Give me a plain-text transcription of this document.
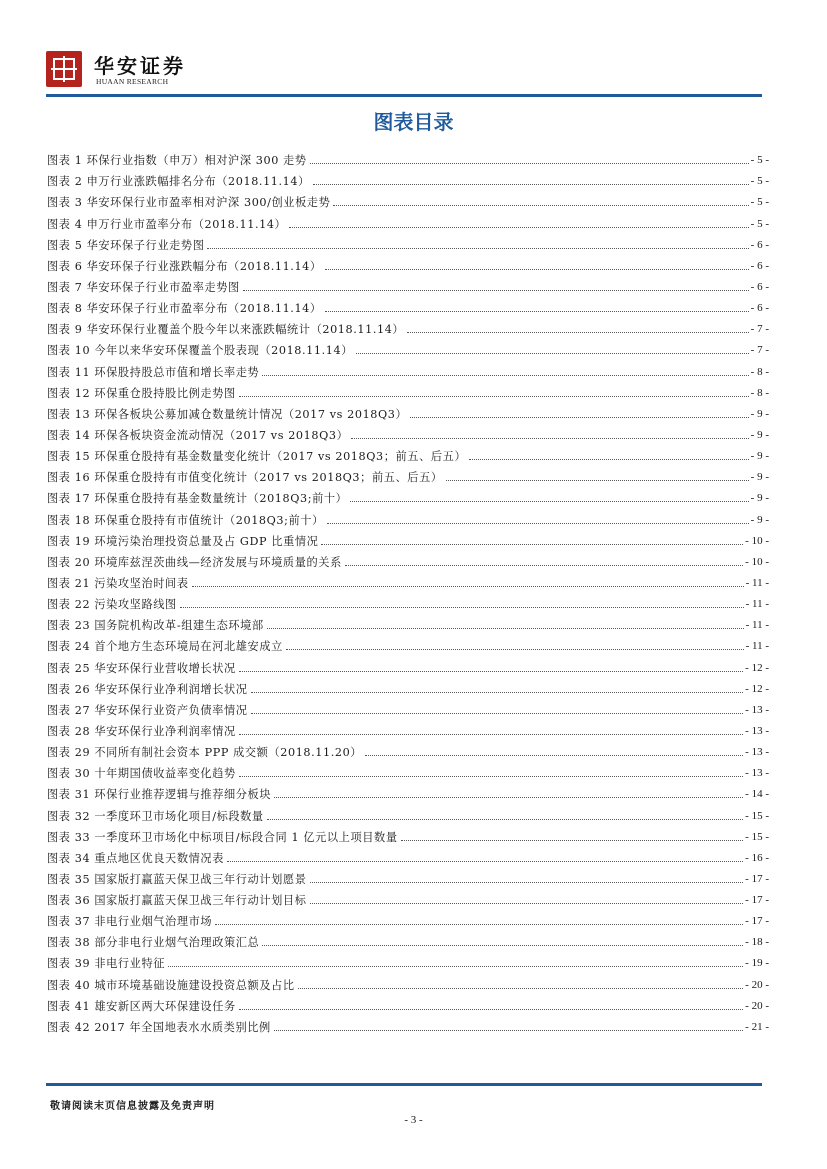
华安证券
HUAAN RESEARCH
图表目录
图表 1 环保行业指数（申万）相对沪深 300 走势	- 5 -
图表 2 申万行业涨跌幅排名分布（2018.11.14）	- 5 -
图表 3 华安环保行业市盈率相对沪深 300/创业板走势	- 5 -
图表 4 申万行业市盈率分布（2018.11.14）	- 5 -
图表 5 华安环保子行业走势图	- 6 -
图表 6 华安环保子行业涨跌幅分布（2018.11.14）	- 6 -
图表 7 华安环保子行业市盈率走势图	- 6 -
图表 8 华安环保子行业市盈率分布（2018.11.14）	- 6 -
图表 9 华安环保行业覆盖个股今年以来涨跌幅统计（2018.11.14）	- 7 -
图表 10 今年以来华安环保覆盖个股表现（2018.11.14）	- 7 -
图表 11 环保股持股总市值和增长率走势	- 8 -
图表 12 环保重仓股持股比例走势图	- 8 -
图表 13 环保各板块公募加减仓数量统计情况（2017 vs 2018Q3）	- 9 -
图表 14 环保各板块资金流动情况（2017 vs 2018Q3）	- 9 -
图表 15 环保重仓股持有基金数量变化统计（2017 vs 2018Q3；前五、后五）	- 9 -
图表 16 环保重仓股持有市值变化统计（2017 vs 2018Q3；前五、后五）	- 9 -
图表 17 环保重仓股持有基金数量统计（2018Q3;前十）	- 9 -
图表 18 环保重仓股持有市值统计（2018Q3;前十）	- 9 -
图表 19 环境污染治理投资总量及占 GDP 比重情况	- 10 -
图表 20 环境库兹涅茨曲线—经济发展与环境质量的关系	- 10 -
图表 21 污染攻坚治时间表	- 11 -
图表 22 污染攻坚路线图	- 11 -
图表 23 国务院机构改革-组建生态环境部	- 11 -
图表 24 首个地方生态环境局在河北雄安成立	- 11 -
图表 25 华安环保行业营收增长状况	- 12 -
图表 26 华安环保行业净利润增长状况	- 12 -
图表 27 华安环保行业资产负债率情况	- 13 -
图表 28 华安环保行业净利润率情况	- 13 -
图表 29 不同所有制社会资本 PPP 成交额（2018.11.20）	- 13 -
图表 30 十年期国债收益率变化趋势	- 13 -
图表 31 环保行业推荐逻辑与推荐细分板块	- 14 -
图表 32 一季度环卫市场化项目/标段数量	- 15 -
图表 33 一季度环卫市场化中标项目/标段合同 1 亿元以上项目数量	- 15 -
图表 34 重点地区优良天数情况表	- 16 -
图表 35 国家版打赢蓝天保卫战三年行动计划愿景	- 17 -
图表 36 国家版打赢蓝天保卫战三年行动计划目标	- 17 -
图表 37 非电行业烟气治理市场	- 17 -
图表 38 部分非电行业烟气治理政策汇总	- 18 -
图表 39 非电行业特征	- 19 -
图表 40 城市环境基础设施建设投资总额及占比	- 20 -
图表 41 雄安新区两大环保建设任务	- 20 -
图表 42 2017 年全国地表水水质类别比例	- 21 -
敬请阅读末页信息披露及免责声明
- 3 -
